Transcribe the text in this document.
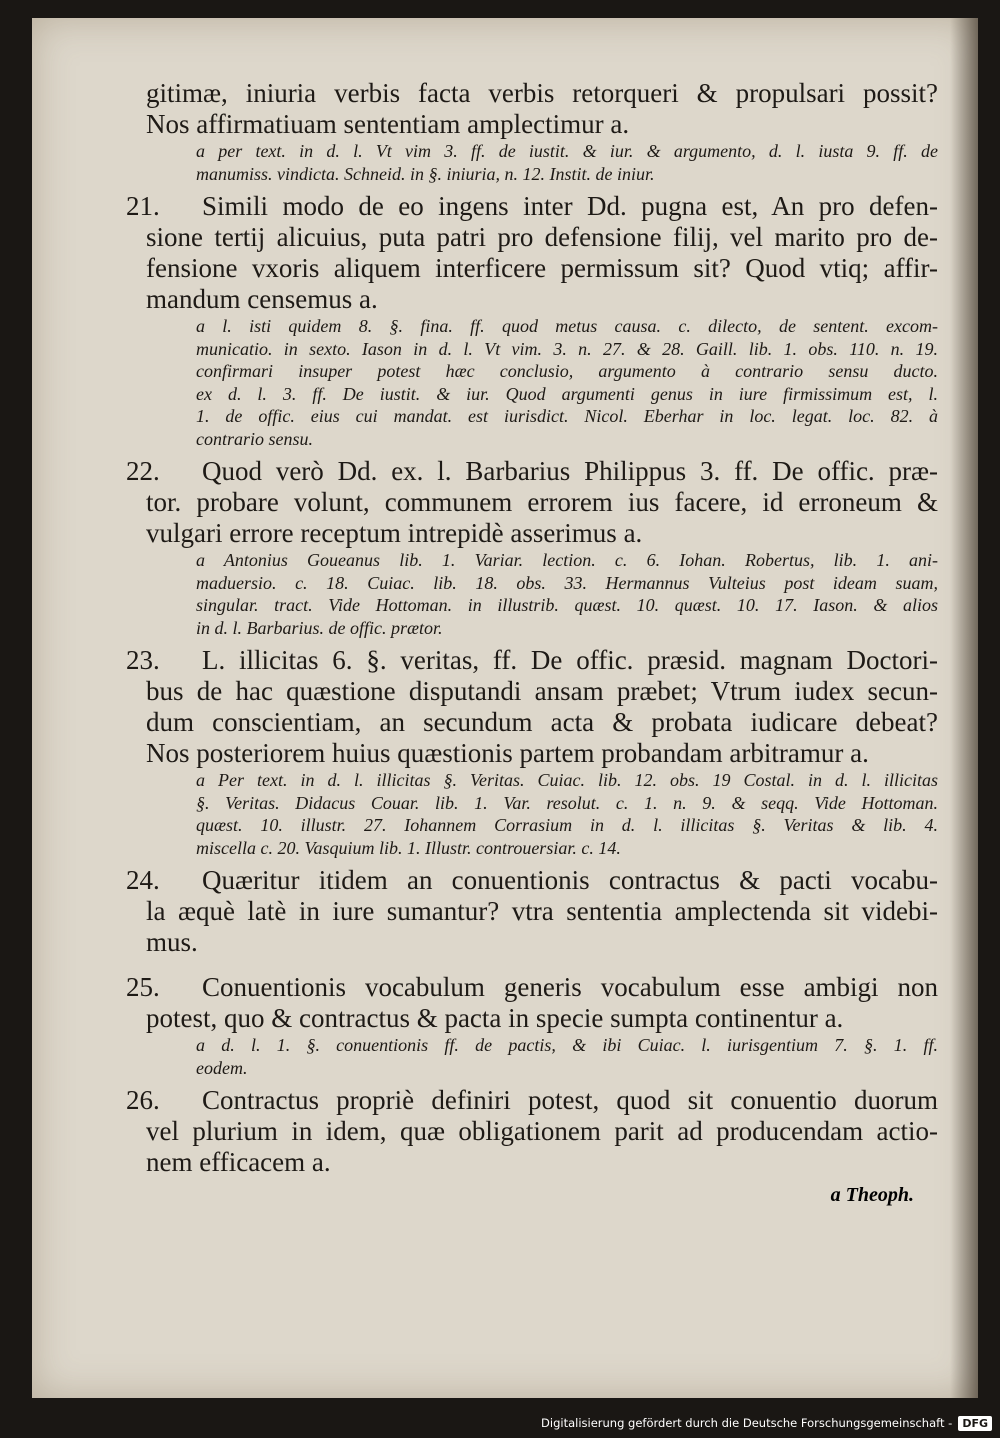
gitimæ, iniuria verbis facta verbis retorqueri & propulsari possit?
Nos affirmatiuam sententiam amplectimur a.
a per text. in d. l. Vt vim 3. ff. de iustit. & iur. & argumento, d. l. iusta 9. ff. de
manumiss. vindicta. Schneid. in §. iniuria, n. 12. Instit. de iniur.
21. Simili modo de eo ingens inter Dd. pugna est, An pro defen-
sione tertij alicuius, puta patri pro defensione filij, vel marito pro de-
fensione vxoris aliquem interficere permissum sit? Quod vtiq; affir-
mandum censemus a.
a l. isti quidem 8. §. fina. ff. quod metus causa. c. dilecto, de sentent. excom-
municatio. in sexto. Iason in d. l. Vt vim. 3. n. 27. & 28. Gaill. lib. 1. obs. 110. n. 19.
confirmari insuper potest hæc conclusio, argumento à contrario sensu ducto.
ex d. l. 3. ff. De iustit. & iur. Quod argumenti genus in iure firmissimum est, l.
1. de offic. eius cui mandat. est iurisdict. Nicol. Eberhar in loc. legat. loc. 82. à
contrario sensu.
22. Quod verò Dd. ex. l. Barbarius Philippus 3. ff. De offic. præ-
tor. probare volunt, communem errorem ius facere, id erroneum &
vulgari errore receptum intrepidè asserimus a.
a Antonius Goueanus lib. 1. Variar. lection. c. 6. Iohan. Robertus, lib. 1. ani-
maduersio. c. 18. Cuiac. lib. 18. obs. 33. Hermannus Vulteius post ideam suam,
singular. tract. Vide Hottoman. in illustrib. quæst. 10. quæst. 10. 17. Iason. & alios
in d. l. Barbarius. de offic. prætor.
23. L. illicitas 6. §. veritas, ff. De offic. præsid. magnam Doctori-
bus de hac quæstione disputandi ansam præbet; Vtrum iudex secun-
dum conscientiam, an secundum acta & probata iudicare debeat?
Nos posteriorem huius quæstionis partem probandam arbitramur a.
a Per text. in d. l. illicitas §. Veritas. Cuiac. lib. 12. obs. 19 Costal. in d. l. illicitas
§. Veritas. Didacus Couar. lib. 1. Var. resolut. c. 1. n. 9. & seqq. Vide Hottoman.
quæst. 10. illustr. 27. Iohannem Corrasium in d. l. illicitas §. Veritas & lib. 4.
miscella c. 20. Vasquium lib. 1. Illustr. controuersiar. c. 14.
24. Quæritur itidem an conuentionis contractus & pacti vocabu-
la æquè latè in iure sumantur? vtra sententia amplectenda sit videbi-
mus.
25. Conuentionis vocabulum generis vocabulum esse ambigi non
potest, quo & contractus & pacta in specie sumpta continentur a.
a d. l. 1. §. conuentionis ff. de pactis, & ibi Cuiac. l. iurisgentium 7. §. 1. ff.
eodem.
26. Contractus propriè definiri potest, quod sit conuentio duorum
vel plurium in idem, quæ obligationem parit ad producendam actio-
nem efficacem a.
a Theoph.
Digitalisierung gefördert durch die Deutsche Forschungsgemeinschaft - DFG
